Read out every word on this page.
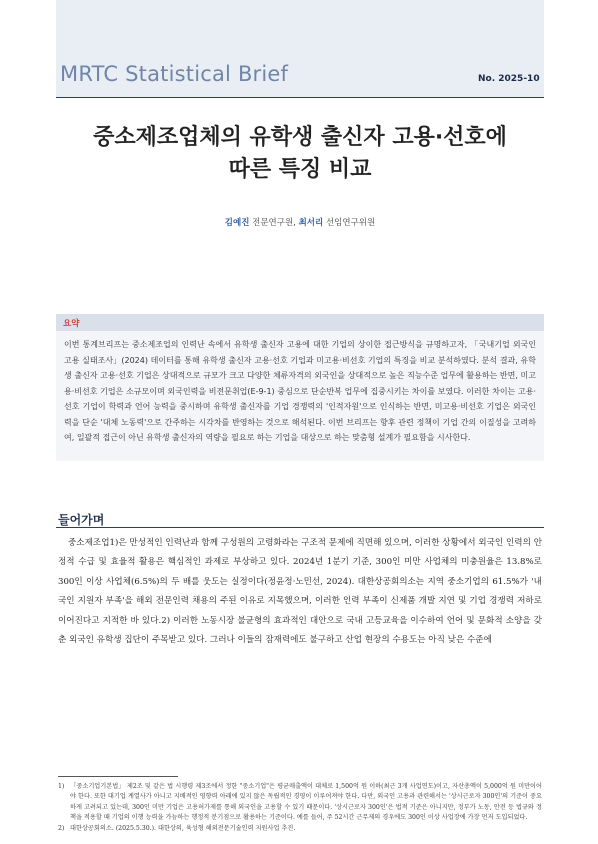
MRTC Statistical Brief	No. 2025-10
중소제조업체의 유학생 출신자 고용·선호에
따른 특징 비교
김예진 전문연구원, 최서리 선임연구위원
요약
이번 통계브리프는 중소제조업의 인력난 속에서 유학생 출신자 고용에 대한 기업의 상이한 접근방식을 규명하고자, 「국내기업 외국인 고용 실태조사」(2024) 데이터를 통해 유학생 출신자 고용·선호 기업과 미고용·비선호 기업의 특징을 비교 분석하였다. 분석 결과, 유학생 출신자 고용·선호 기업은 상대적으로 규모가 크고 다양한 체류자격의 외국인을 상대적으로 높은 직능수준 업무에 활용하는 반면, 미고용·비선호 기업은 소규모이며 외국인력을 비전문취업(E-9-1) 중심으로 단순반복 업무에 집중시키는 차이를 보였다. 이러한 차이는 고용·선호 기업이 학력과 언어 능력을 중시하며 유학생 출신자를 기업 경쟁력의 '인적자원'으로 인식하는 반면, 미고용·비선호 기업은 외국인력을 단순 '대체 노동력'으로 간주하는 시각차를 반영하는 것으로 해석된다. 이번 브리프는 향후 관련 정책이 기업 간의 이질성을 고려하여, 일괄적 접근이 아닌 유학생 출신자의 역량을 필요로 하는 기업을 대상으로 하는 맞춤형 설계가 필요함을 시사한다.
들어가며
중소제조업1)은 만성적인 인력난과 함께 구성원의 고령화라는 구조적 문제에 직면해 있으며, 이러한 상황에서 외국인 인력의 안정적 수급 및 효율적 활용은 핵심적인 과제로 부상하고 있다. 2024년 1분기 기준, 300인 미만 사업체의 미충원율은 13.8%로 300인 이상 사업체(6.5%)의 두 배를 웃도는 실정이다(정윤정·노민선, 2024). 대한상공회의소는 지역 중소기업의 61.5%가 '내국인 지원자 부족'을 해외 전문인력 채용의 주된 이유로 지목했으며, 이러한 인력 부족이 신제품 개발 지연 및 기업 경쟁력 저하로 이어진다고 지적한 바 있다.2) 이러한 노동시장 불균형의 효과적인 대안으로 국내 고등교육을 이수하여 언어 및 문화적 소양을 갖춘 외국인 유학생 집단이 주목받고 있다. 그러나 이들의 잠재력에도 불구하고 산업 현장의 수용도는 아직 낮은 수준에
1) 「중소기업기본법」 제2조 및 같은 법 시행령 제3조에서 정한 "중소기업"은 평균매출액이 대체로 1,500억 원 이하(최근 3개 사업연도)이고, 자산총액이 5,000억 원 미만이어야 한다. 또한 대기업 계열사가 아니고 지배적인 영향력 아래에 있지 않은 독립적인 경영이 이루어져야 한다. 다만, 외국인 고용과 관련해서는 '상시근로자 300인'의 기준이 중요하게 고려되고 있는데, 300인 미만 기업은 고용허가제를 통해 외국인을 고용할 수 있기 때문이다. '상시근로자 300인'은 법적 기준은 아니지만, 정부가 노동, 안전 등 법규와 정책을 적용할 때 기업의 이행 능력을 가늠하는 행정적 분기점으로 활용하는 기준이다. 예를 들어, 주 52시간 근무제의 경우에도 300인 이상 사업장에 가장 먼저 도입되었다.
2) 대한상공회의소. (2025.5.30.). 대한상의, 육성형 해외전문기술인력 지원사업 추진.
